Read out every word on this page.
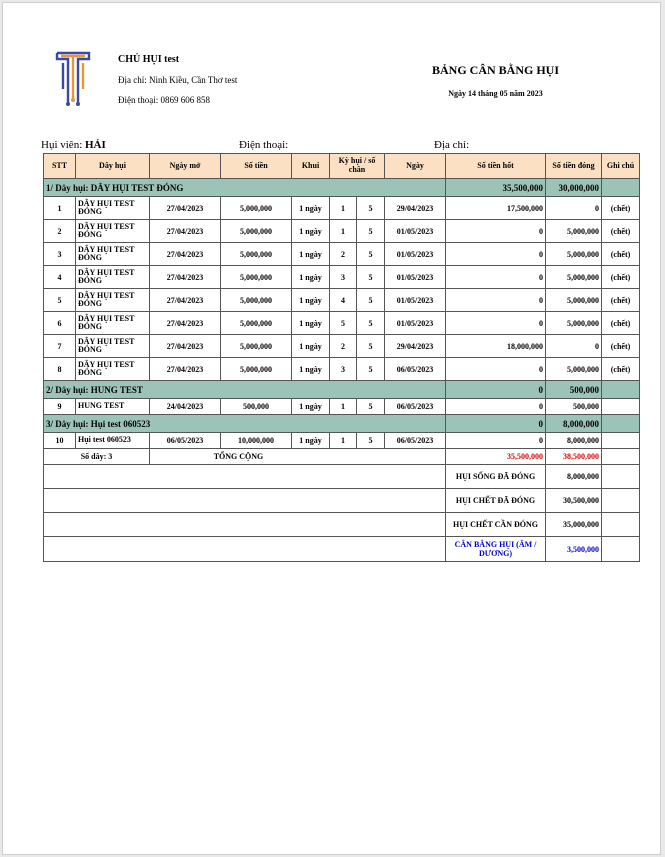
CHỦ HỤI test
Địa chỉ: Ninh Kiều, Cần Thơ test
Điện thoại: 0869 606 858
BẢNG CÂN BẰNG HỤI
Ngày 14 tháng 05 năm 2023
Hụi viên: HẢI	Điện thoại:	Địa chỉ:
STT	Dây hụi	Ngày mở	Số tiền	Khui	Kỳ hụi / số chân		Ngày	Số tiền hốt	Số tiền đóng	Ghi chú
1/ Dây hụi: DÂY HỤI TEST ĐÓNG								35,500,000	30,000,000	
1	DÂY HỤI TEST ĐÓNG	27/04/2023	5,000,000	1 ngày	1	5	29/04/2023	17,500,000	0	(chết)
2	DÂY HỤI TEST ĐÓNG	27/04/2023	5,000,000	1 ngày	1	5	01/05/2023	0	5,000,000	(chết)
3	DÂY HỤI TEST ĐÓNG	27/04/2023	5,000,000	1 ngày	2	5	01/05/2023	0	5,000,000	(chết)
4	DÂY HỤI TEST ĐÓNG	27/04/2023	5,000,000	1 ngày	3	5	01/05/2023	0	5,000,000	(chết)
5	DÂY HỤI TEST ĐÓNG	27/04/2023	5,000,000	1 ngày	4	5	01/05/2023	0	5,000,000	(chết)
6	DÂY HỤI TEST ĐÓNG	27/04/2023	5,000,000	1 ngày	5	5	01/05/2023	0	5,000,000	(chết)
7	DÂY HỤI TEST ĐÓNG	27/04/2023	5,000,000	1 ngày	2	5	29/04/2023	18,000,000	0	(chết)
8	DÂY HỤI TEST ĐÓNG	27/04/2023	5,000,000	1 ngày	3	5	06/05/2023	0	5,000,000	(chết)
2/ Dây hụi: HUNG TEST								0	500,000	
9	HUNG TEST	24/04/2023	500,000	1 ngày	1	5	06/05/2023	0	500,000	
3/ Dây hụi: Hụi test 060523								0	8,000,000	
10	Hụi test 060523	06/05/2023	10,000,000	1 ngày	1	5	06/05/2023	0	8,000,000	
Số dây: 3		TỔNG CỘNG						35,500,000	38,500,000	
								HỤI SỐNG ĐÃ ĐÓNG	8,000,000	
								HỤI CHẾT ĐÃ ĐÓNG	30,500,000	
								HỤI CHẾT CẦN ĐÓNG	35,000,000	
								CÂN BẰNG HỤI (ÂM / DƯƠNG)	3,500,000	
